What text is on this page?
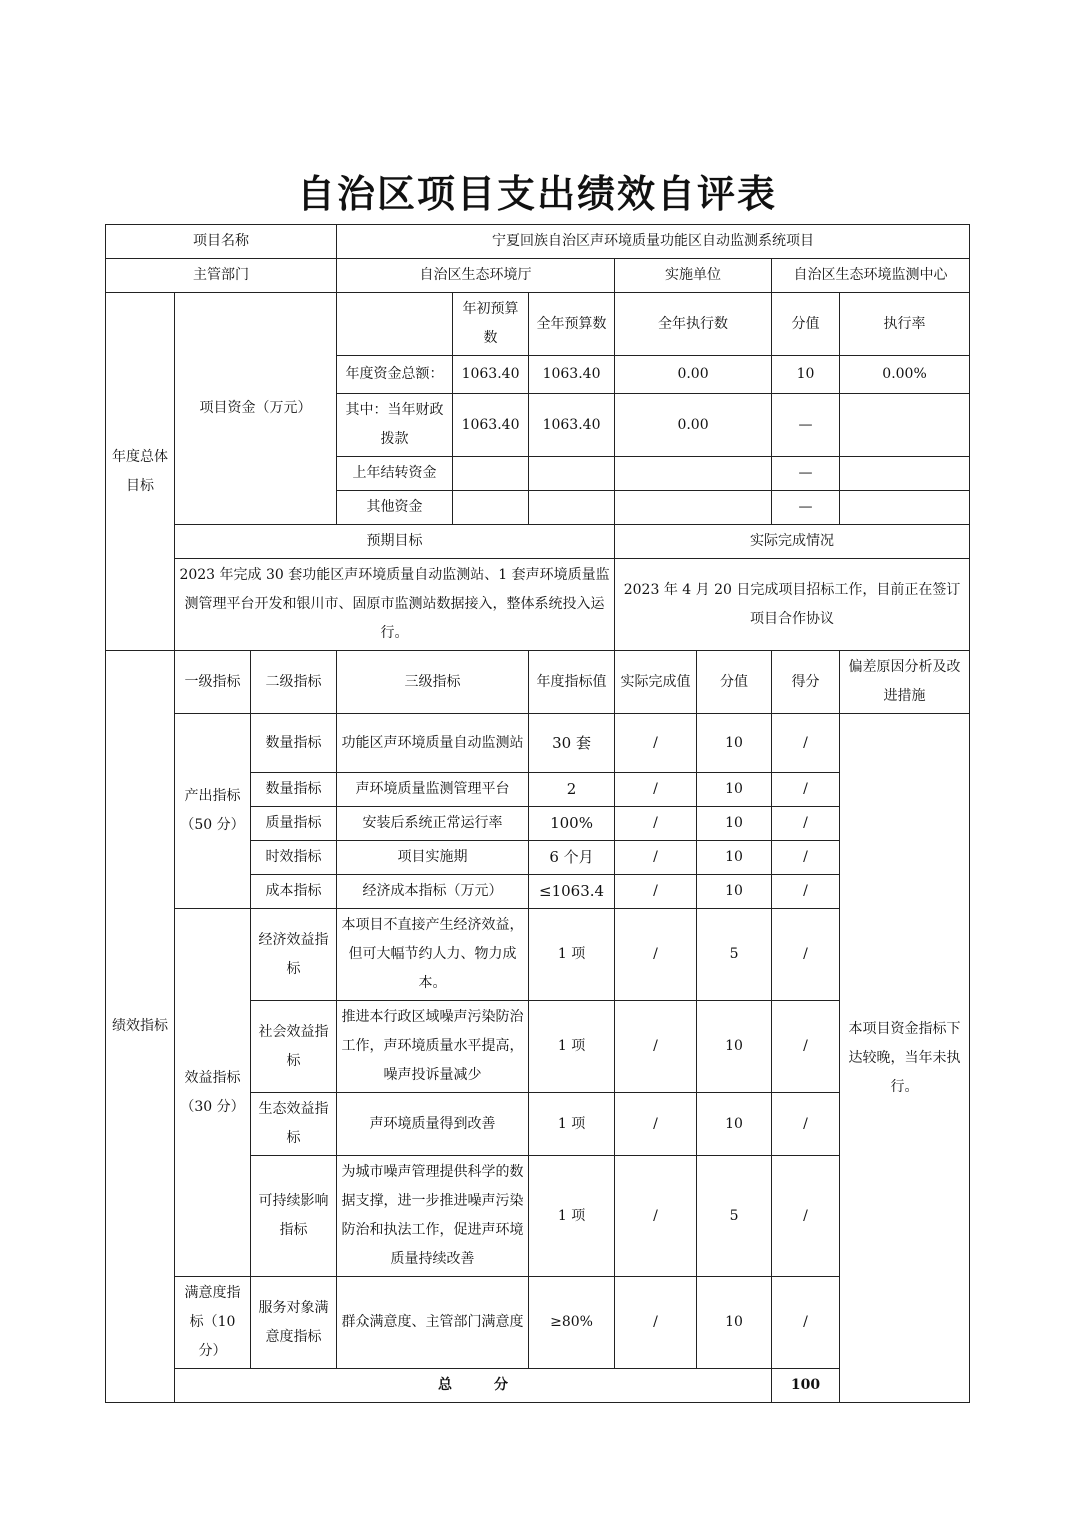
自治区项目支出绩效自评表
项目名称			宁夏回族自治区声环境质量功能区自动监测系统项目							
主管部门			自治区生态环境厅			实施单位		自治区生态环境监测中心		
年度总体目标	项目资金（万元）			年初预算数	全年预算数	全年执行数		分值	执行率	
			年度资金总额：	1063.40	1063.40	0.00		10	0.00%	
			其中：当年财政拨款	1063.40	1063.40	0.00		—		
			上年结转资金					—		
			其他资金					—		
	预期目标					实际完成情况				
	2023 年完成 30 套功能区声环境质量自动监测站、1 套声环境质量监测管理平台开发和银川市、固原市监测站数据接入，整体系统投入运行。					2023 年 4 月 20 日完成项目招标工作，目前正在签订项目合作协议				

绩效指标	一级指标	二级指标	三级指标		年度指标值	实际完成值	分值	得分	偏差原因分析及改进措施	
	产出指标（50 分）	数量指标	功能区声环境质量自动监测站		30 套	/	10	/	本项目资金指标下达较晚，当年未执行。	
		数量指标	声环境质量监测管理平台		2	/	10	/		
		质量指标	安装后系统正常运行率		100%	/	10	/		
		时效指标	项目实施期		6 个月	/	10	/		
		成本指标	经济成本指标（万元）		≤1063.4	/	10	/		
	效益指标（30 分）	经济效益指标	本项目不直接产生经济效益，但可大幅节约人力、物力成本。		1 项	/	5	/		
		社会效益指标	推进本行政区域噪声污染防治工作，声环境质量水平提高，噪声投诉量减少		1 项	/	10	/		
		生态效益指标	声环境质量得到改善		1 项	/	10	/		
		可持续影响指标	为城市噪声管理提供科学的数据支撑，进一步推进噪声污染防治和执法工作，促进声环境质量持续改善		1 项	/	5	/		
	满意度指标（10 分）	服务对象满意度指标	群众满意度、主管部门满意度		≥80%	/	10	/		
	总　　　分							100		
